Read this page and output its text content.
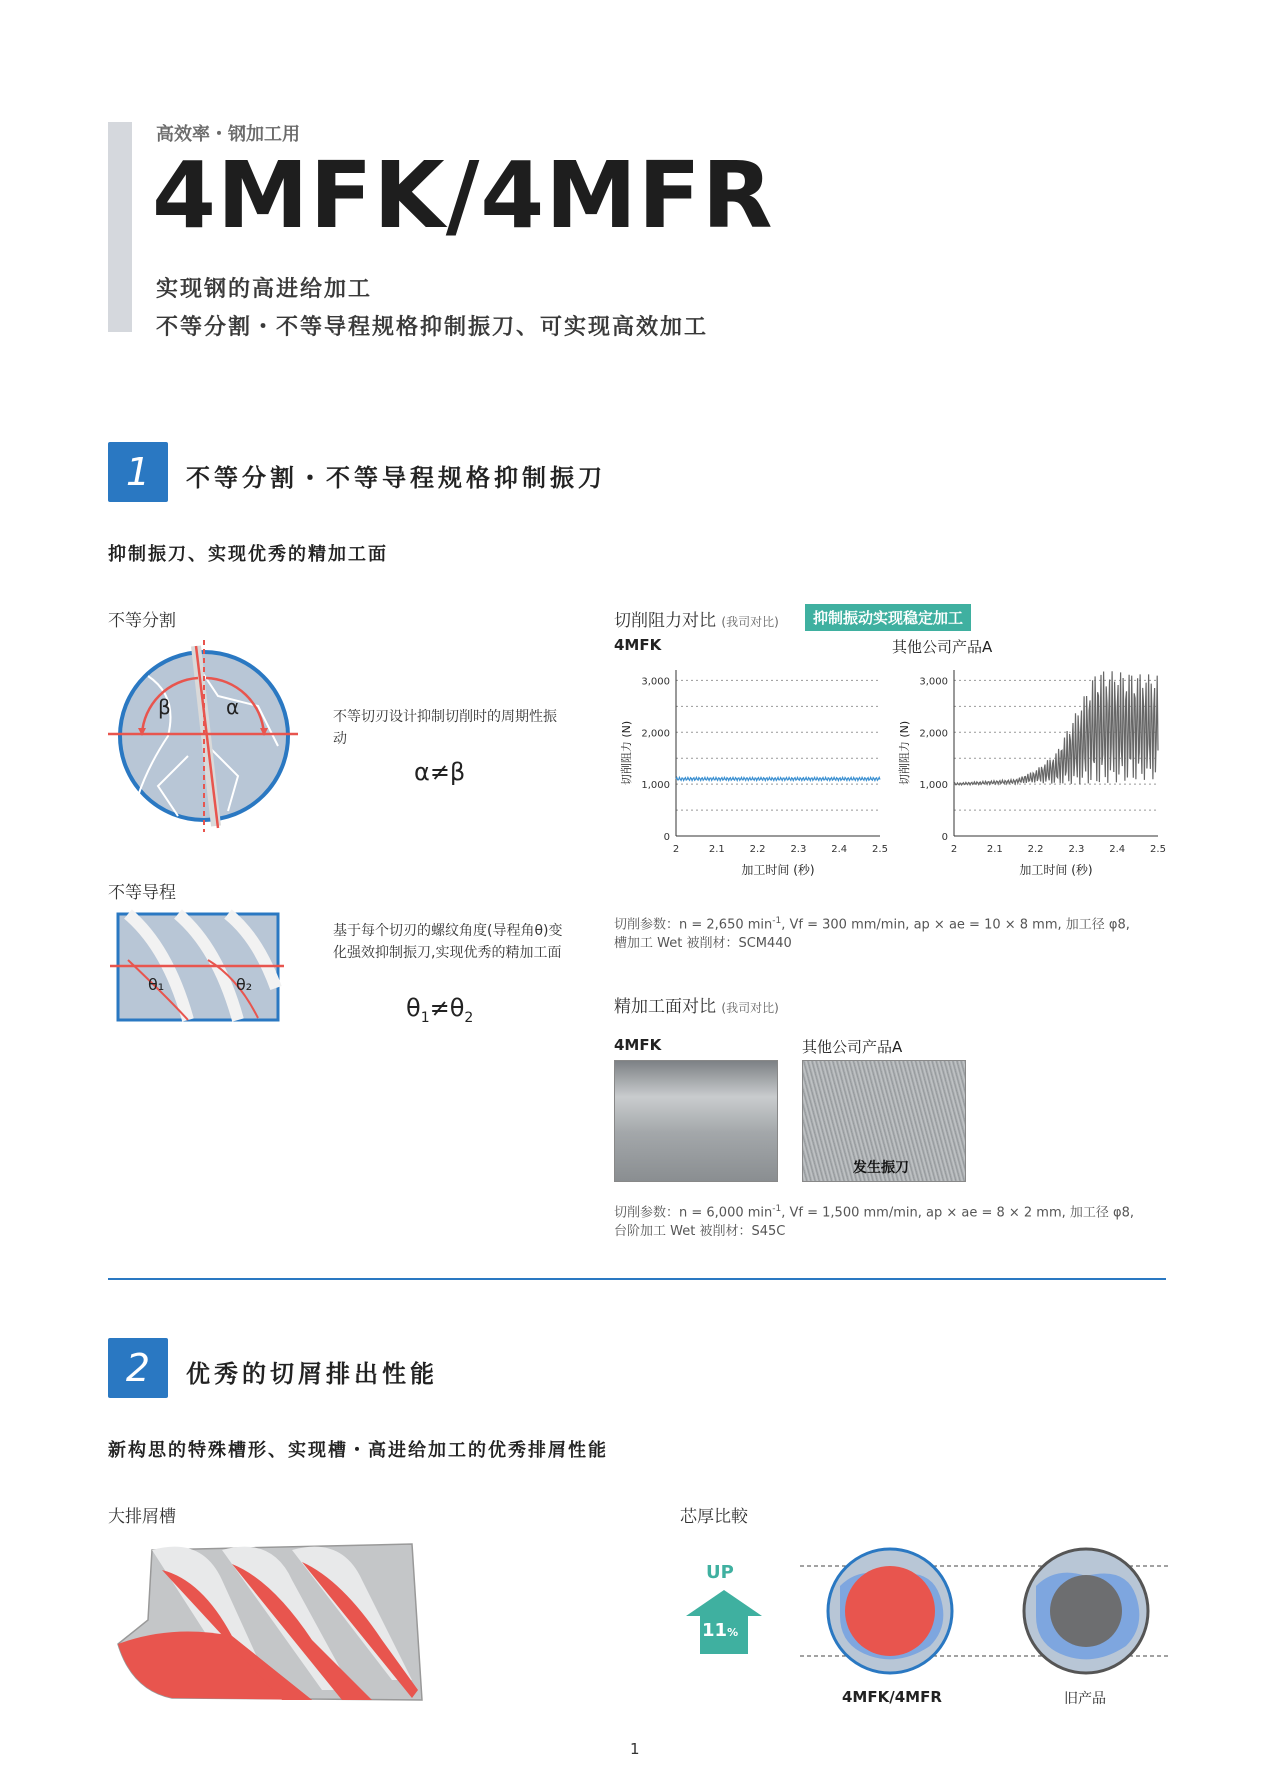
高效率・钢加工用
4MFK/4MFR
实现钢的高进给加工
不等分割・不等导程规格抑制振刀、可实现高效加工
1	不等分割・不等导程规格抑制振刀
抑制振刀、实现优秀的精加工面
不等分割
β	α	不等切刃设计抑制切削时的周期性振动
α≠β
不等导程
θ₁	θ₂
基于每个切刃的螺纹角度(导程角θ)变化强效抑制振刀,实现优秀的精加工面
$\theta_1\ne\theta_2$
切削阻力对比 (我司对比)	抑制振动实现稳定加工
4MFK	其他公司产品A
0
1,000
2,000
3,000
2	2.1 2.2 2.3 2.4 2.5
加工时间 (秒)
切削阻力 (N)
0
1,000
2,000
3,000
2	2.1 2.2 2.3 2.4 2.5
加工时间 (秒)
切削阻力 (N)
切削参数：n = 2,650 $\min^{-1}$, Vf = 300 mm/min, ap × ae = 10 × 8 mm, 加工径 φ8,
槽加工 Wet 被削材：SCM440
精加工面对比 (我司对比)
4MFK	其他公司产品A
发生振刀
切削参数：n = 6,000 $\min^{-1}$, Vf = 1,500 mm/min, ap × ae = 8 × 2 mm, 加工径 φ8,
台阶加工 Wet 被削材：S45C
2	优秀的切屑排出性能
新构思的特殊槽形、实现槽・高进给加工的优秀排屑性能
大排屑槽	芯厚比較
UP
11%
4MFK/4MFR	旧产品
1
